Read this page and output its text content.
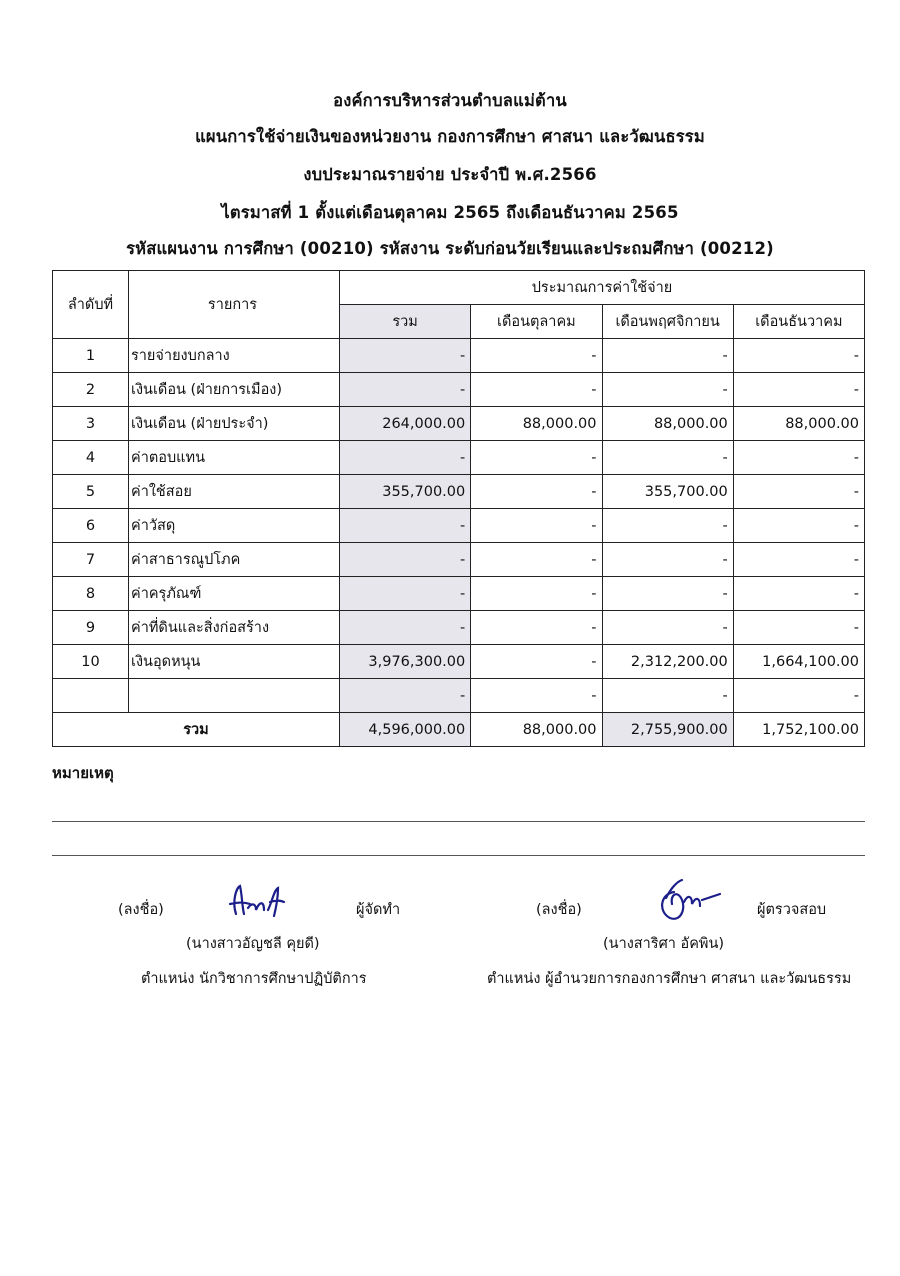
องค์การบริหารส่วนตำบลแม่ต้าน
แผนการใช้จ่ายเงินของหน่วยงาน กองการศึกษา ศาสนา และวัฒนธรรม
งบประมาณรายจ่าย ประจำปี พ.ศ.2566
ไตรมาสที่ 1 ตั้งแต่เดือนตุลาคม 2565 ถึงเดือนธันวาคม 2565
รหัสแผนงาน การศึกษา (00210) รหัสงาน ระดับก่อนวัยเรียนและประถมศึกษา (00212)
ลำดับที่	รายการ	ประมาณการค่าใช้จ่าย			
		รวม	เดือนตุลาคม	เดือนพฤศจิกายน	เดือนธันวาคม
1	รายจ่ายงบกลาง	-	-	-	-
2	เงินเดือน (ฝ่ายการเมือง)	-	-	-	-
3	เงินเดือน (ฝ่ายประจำ)	264,000.00	88,000.00	88,000.00	88,000.00
4	ค่าตอบแทน	-	-	-	-
5	ค่าใช้สอย	355,700.00	-	355,700.00	-
6	ค่าวัสดุ	-	-	-	-
7	ค่าสาธารณูปโภค	-	-	-	-
8	ค่าครุภัณฑ์	-	-	-	-
9	ค่าที่ดินและสิ่งก่อสร้าง	-	-	-	-
10	เงินอุดหนุน	3,976,300.00	-	2,312,200.00	1,664,100.00
		-	-	-	-
รวม		4,596,000.00	88,000.00	2,755,900.00	1,752,100.00
หมายเหตุ
(ลงชื่อ)	ผู้จัดทำ
(นางสาวอัญชลี คุยดี)
ตำแหน่ง นักวิชาการศึกษาปฏิบัติการ
(ลงชื่อ)	ผู้ตรวจสอบ
(นางสาริศา อัคพิน)
ตำแหน่ง ผู้อำนวยการกองการศึกษา ศาสนา และวัฒนธรรม
